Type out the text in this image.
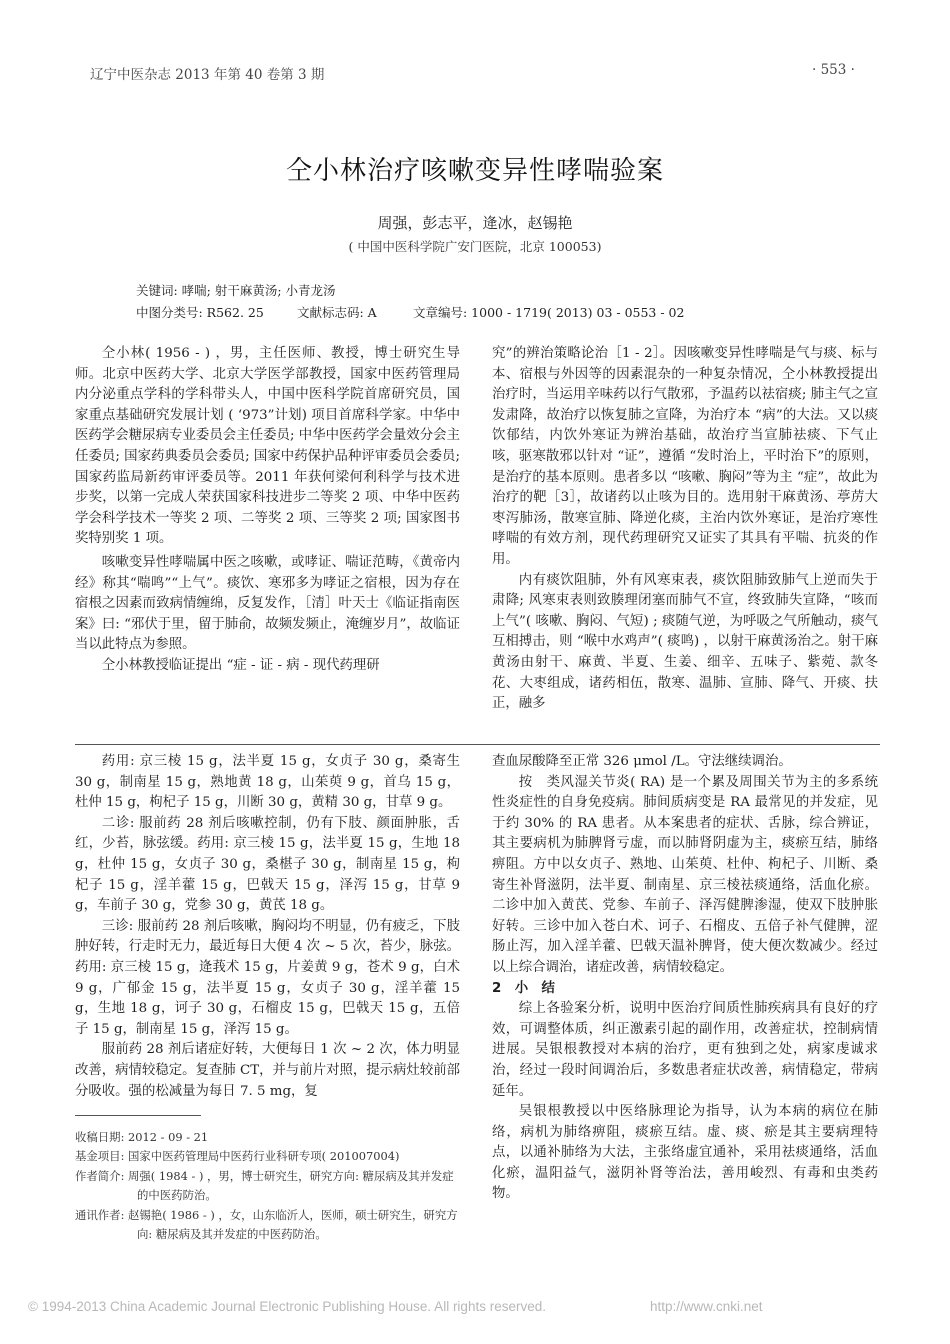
辽宁中医杂志 2013 年第 40 卷第 3 期	· 553 ·
仝小林治疗咳嗽变异性哮喘验案
周强，彭志平，逄冰，赵锡艳
( 中国中医科学院广安门医院，北京 100053)
关键词: 哮喘; 射干麻黄汤; 小青龙汤
中图分类号: R562. 25	文献标志码: A	文章编号: 1000 - 1719( 2013) 03 - 0553 - 02

仝小林( 1956 - ) ，男，主任医师、教授，博士研究生导师。北京中医药大学、北京大学医学部教授，国家中医药管理局内分泌重点学科的学科带头人，中国中医科学院首席研究员，国家重点基础研究发展计划 ( ‘973”计划) 项目首席科学家。中华中医药学会糖尿病专业委员会主任委员; 中华中医药学会量效分会主任委员; 国家药典委员会委员; 国家中药保护品种评审委员会委员; 国家药监局新药审评委员等。2011 年获何梁何利科学与技术进步奖，以第一完成人荣获国家科技进步二等奖 2 项、中华中医药学会科学技术一等奖 2 项、二等奖 2 项、三等奖 2 项; 国家图书奖特别奖 1 项。

咳嗽变异性哮喘属中医之咳嗽，或哮证、喘证范畴，《黄帝内经》称其“喘鸣”“上气”。痰饮、寒邪多为哮证之宿根，因为存在宿根之因素而致病情缠绵，反复发作，［清］叶天士《临证指南医案》曰: “邪伏于里，留于肺俞，故频发频止，淹缠岁月”，故临证当以此特点为参照。

仝小林教授临证提出 “症 - 证 - 病 - 现代药理研

究”的辨治策略论治［1 - 2］。因咳嗽变异性哮喘是气与痰、标与本、宿根与外因等的因素混杂的一种复杂情况，仝小林教授提出治疗时，当运用辛味药以行气散邪，予温药以祛宿痰; 肺主气之宣发肃降，故治疗以恢复肺之宣降，为治疗本 “病”的大法。又以痰饮郁结，内饮外寒证为辨治基础，故治疗当宣肺祛痰、下气止咳，驱寒散邪以针对 “证”，遵循 “发时治上，平时治下”的原则，是治疗的基本原则。患者多以 “咳嗽、胸闷”等为主 “症”，故此为治疗的靶［3］，故诸药以止咳为目的。选用射干麻黄汤、葶苈大枣泻肺汤，散寒宣肺、降逆化痰，主治内饮外寒证，是治疗寒性哮喘的有效方剂，现代药理研究又证实了其具有平喘、抗炎的作用。

内有痰饮阻肺，外有风寒束表，痰饮阻肺致肺气上逆而失于肃降; 风寒束表则致腠理闭塞而肺气不宣，终致肺失宣降，“咳而上气”( 咳嗽、胸闷、气短) ; 痰随气逆，为呼吸之气所触动，痰气互相搏击，则 “喉中水鸡声”( 痰鸣) ，以射干麻黄汤治之。射干麻黄汤由射干、麻黄、半夏、生姜、细辛、五味子、紫菀、款冬花、大枣组成，诸药相伍，散寒、温肺、宣肺、降气、开痰、扶正，融多

药用: 京三棱 15 g，法半夏 15 g，女贞子 30 g，桑寄生 30 g，制南星 15 g，熟地黄 18 g，山茱萸 9 g，首乌 15 g，杜仲 15 g，枸杞子 15 g，川断 30 g，黄精 30 g，甘草 9 g。

二诊: 服前药 28 剂后咳嗽控制，仍有下肢、颜面肿胀，舌红，少苔，脉弦缓。药用: 京三棱 15 g，法半夏 15 g，生地 18 g，杜仲 15 g，女贞子 30 g，桑椹子 30 g，制南星 15 g，枸杞子 15 g，淫羊藿 15 g，巴戟天 15 g，泽泻 15 g，甘草 9 g，车前子 30 g，党参 30 g，黄芪 18 g。

三诊: 服前药 28 剂后咳嗽，胸闷均不明显，仍有疲乏，下肢肿好转，行走时无力，最近每日大便 4 次 ~ 5 次，苔少，脉弦。药用: 京三棱 15 g，逄莪术 15 g，片姜黄 9 g，苍术 9 g，白术 9 g，广郁金 15 g，法半夏 15 g，女贞子 30 g，淫羊藿 15 g，生地 18 g，诃子 30 g，石榴皮 15 g，巴戟天 15 g，五倍子 15 g，制南星 15 g，泽泻 15 g。

服前药 28 剂后诸症好转，大便每日 1 次 ~ 2 次，体力明显改善，病情较稳定。复查肺 CT，并与前片对照，提示病灶较前部分吸收。强的松减量为每日 7. 5 mg，复

收稿日期: 2012 - 09 - 21

基金项目: 国家中医药管理局中医药行业科研专项( 201007004)

作者简介: 周强( 1984 - ) ，男，博士研究生，研究方向: 糖尿病及其并发症的中医药防治。

通讯作者: 赵锡艳( 1986 - ) ，女，山东临沂人，医师，硕士研究生，研究方向: 糖尿病及其并发症的中医药防治。

查血尿酸降至正常 326 μmol /L。守法继续调治。

按　类风湿关节炎( RA) 是一个累及周围关节为主的多系统性炎症性的自身免疫病。肺间质病变是 RA 最常见的并发症，见于约 30% 的 RA 患者。从本案患者的症状、舌脉，综合辨证，其主要病机为肺脾肾亏虚，而以肺肾阴虚为主，痰瘀互结，肺络痹阻。方中以女贞子、熟地、山茱萸、杜仲、枸杞子、川断、桑寄生补肾滋阴，法半夏、制南星、京三棱祛痰通络，活血化瘀。二诊中加入黄芪、党参、车前子、泽泻健脾渗湿，使双下肢肿胀好转。三诊中加入苍白术、诃子、石榴皮、五倍子补气健脾，涩肠止泻，加入淫羊藿、巴戟天温补脾肾，使大便次数减少。经过以上综合调治，诸症改善，病情较稳定。

2　小　结

综上各验案分析，说明中医治疗间质性肺疾病具有良好的疗效，可调整体质，纠正激素引起的副作用，改善症状，控制病情进展。吴银根教授对本病的治疗，更有独到之处，病家虔诚求治，经过一段时间调治后，多数患者症状改善，病情稳定，带病延年。

吴银根教授以中医络脉理论为指导，认为本病的病位在肺络，病机为肺络痹阻，痰瘀互结。虚、痰、瘀是其主要病理特点，以通补肺络为大法，主张络虚宜通补，采用祛痰通络，活血化瘀，温阳益气，滋阴补肾等治法，善用峻烈、有毒和虫类药物。

© 1994-2013 China Academic Journal Electronic Publishing House. All rights reserved.	http://www.cnki.net
